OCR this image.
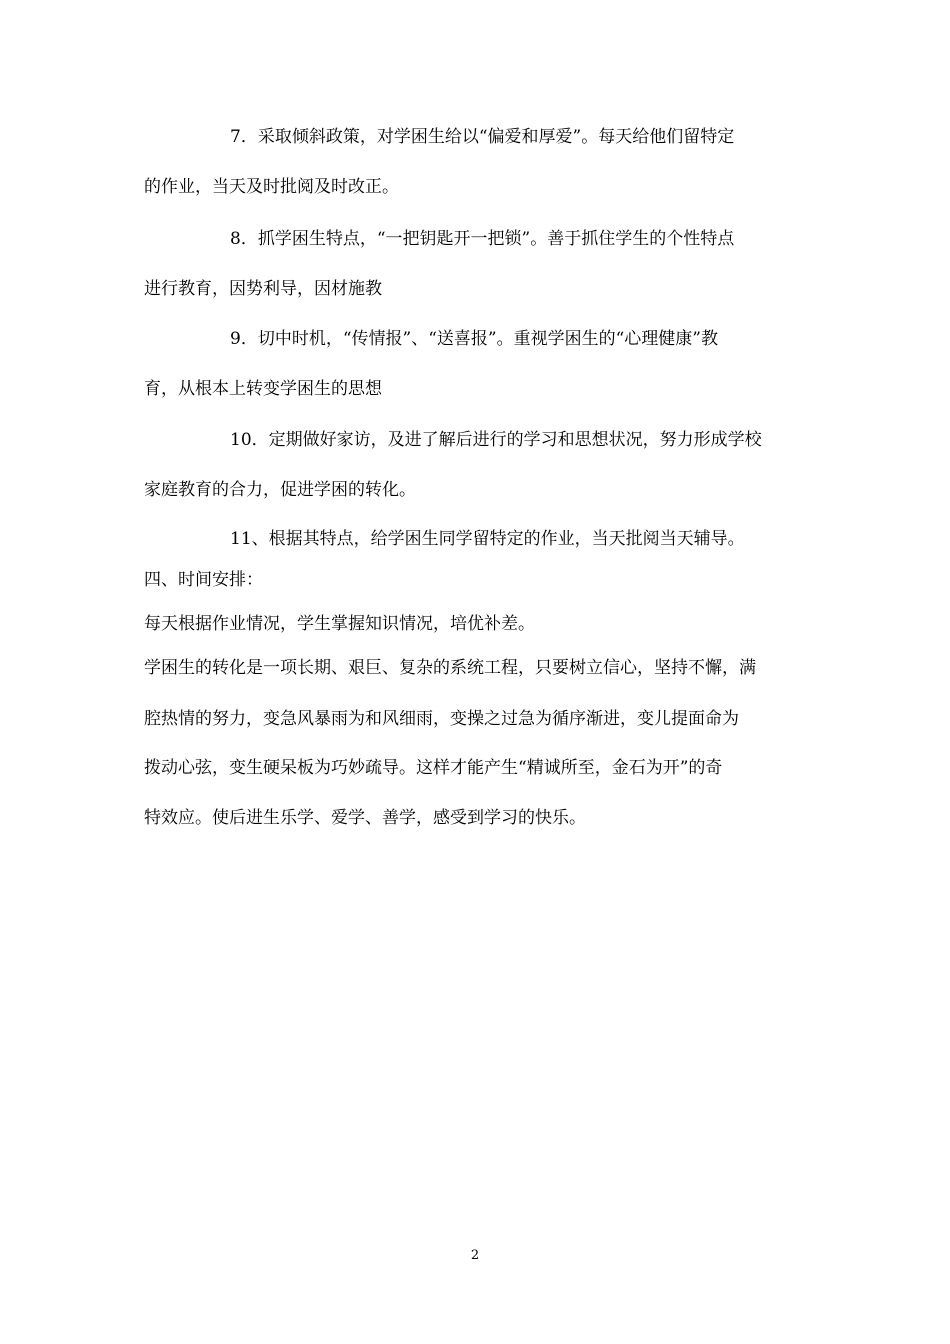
7．采取倾斜政策，对学困生给以“偏爱和厚爱”。每天给他们留特定
的作业，当天及时批阅及时改正。
8．抓学困生特点，“一把钥匙开一把锁”。善于抓住学生的个性特点
进行教育，因势利导，因材施教
9．切中时机，“传情报”、“送喜报”。重视学困生的“心理健康”教
育，从根本上转变学困生的思想
10．定期做好家访，及进了解后进行的学习和思想状况，努力形成学校
家庭教育的合力，促进学困的转化。
11、根据其特点，给学困生同学留特定的作业，当天批阅当天辅导。
四、时间安排：
每天根据作业情况，学生掌握知识情况，培优补差。
学困生的转化是一项长期、艰巨、复杂的系统工程，只要树立信心，坚持不懈，满
腔热情的努力，变急风暴雨为和风细雨，变操之过急为循序渐进，变儿提面命为
拨动心弦，变生硬呆板为巧妙疏导。这样才能产生“精诚所至，金石为开”的奇
特效应。使后进生乐学、爱学、善学，感受到学习的快乐。
2
